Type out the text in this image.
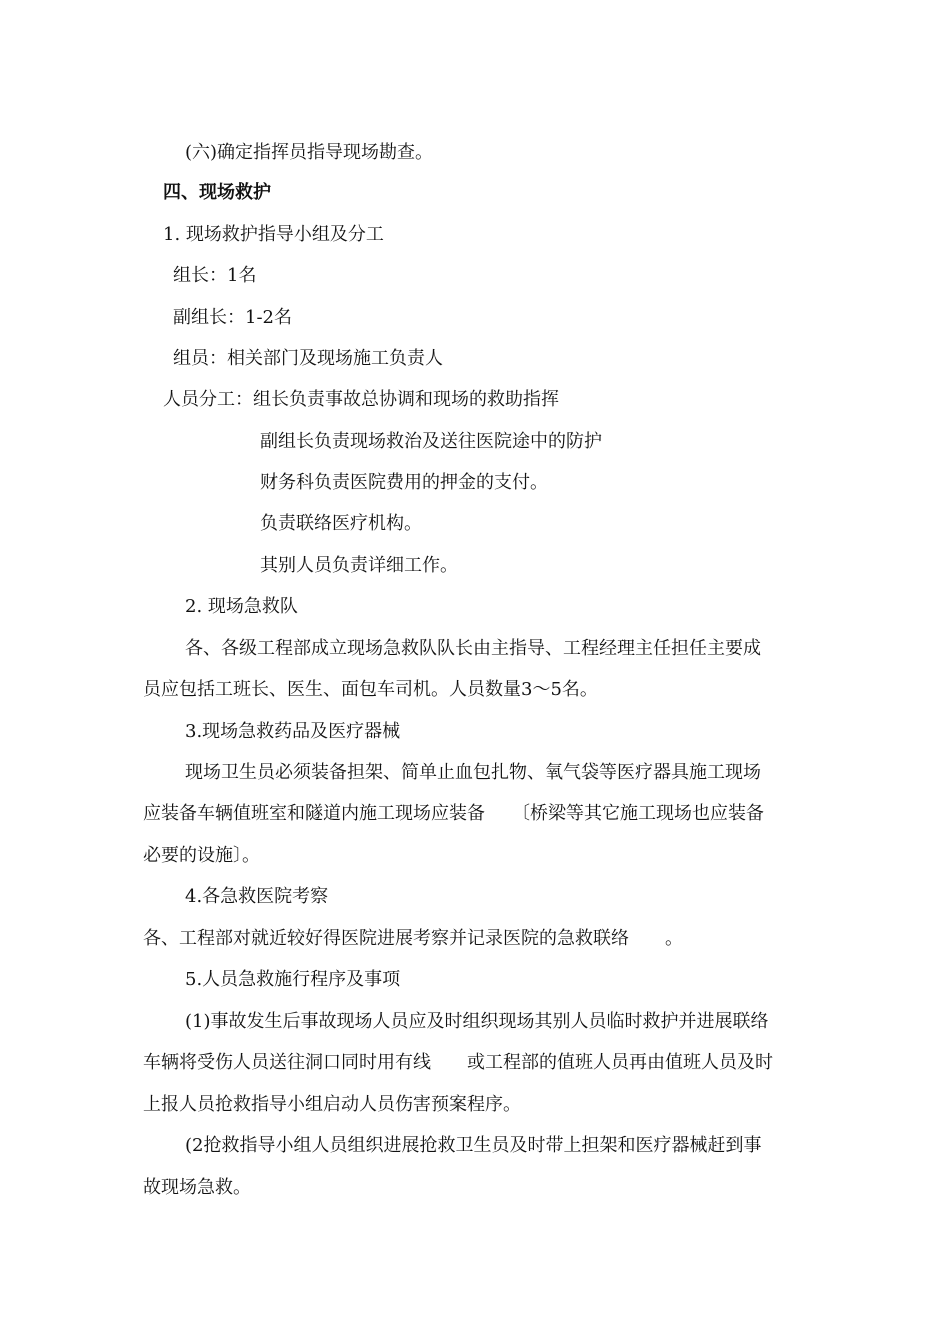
(六)确定指挥员指导现场勘查。

四、现场救护

1. 现场救护指导小组及分工

组长：1名

副组长：1-2名

组员：相关部门及现场施工负责人

人员分工：组长负责事故总协调和现场的救助指挥

副组长负责现场救治及送往医院途中的防护

财务科负责医院费用的押金的支付。

负责联络医疗机构。

其别人员负责详细工作。

2. 现场急救队

各、各级工程部成立现场急救队队长由主指导、工程经理主任担任主要成

员应包括工班长、医生、面包车司机。人员数量3～5名。

3.现场急救药品及医疗器械

现场卫生员必须装备担架、简单止血包扎物、氧气袋等医疗器具施工现场

应装备车辆值班室和隧道内施工现场应装备　　〔桥梁等其它施工现场也应装备

必要的设施〕。

4.各急救医院考察

各、工程部对就近较好得医院进展考察并记录医院的急救联络　　。

5.人员急救施行程序及事项

(1)事故发生后事故现场人员应及时组织现场其别人员临时救护并进展联络

车辆将受伤人员送往洞口同时用有线　　或工程部的值班人员再由值班人员及时

上报人员抢救指导小组启动人员伤害预案程序。

(2抢救指导小组人员组织进展抢救卫生员及时带上担架和医疗器械赶到事

故现场急救。
